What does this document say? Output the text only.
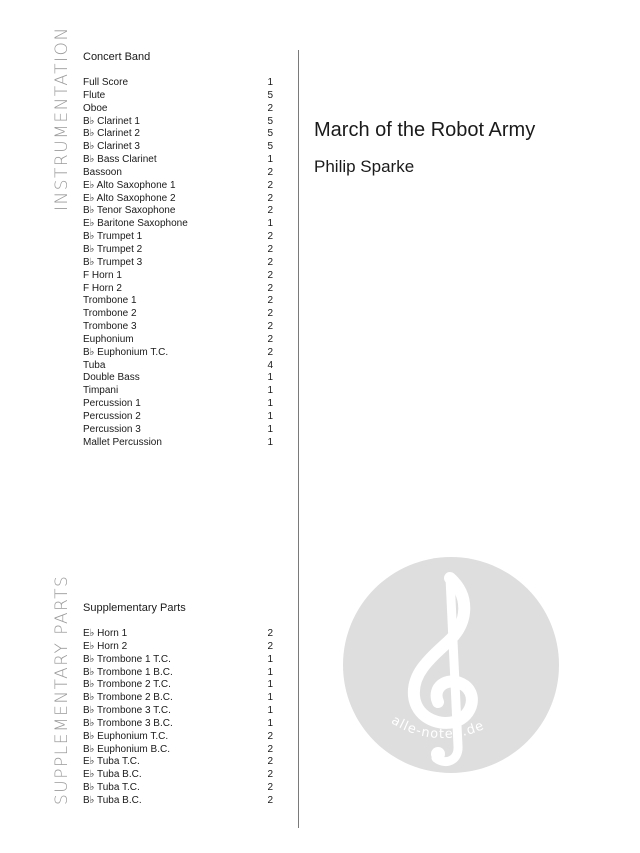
INSTRUMENTATION
SUPPLEMENTARY PARTS
Concert Band
Full Score	1
Flute	5
Oboe	2
B♭ Clarinet 1	5
B♭ Clarinet 2	5
B♭ Clarinet 3	5
B♭ Bass Clarinet	1
Bassoon	2
E♭ Alto Saxophone 1	2
E♭ Alto Saxophone 2	2
B♭ Tenor Saxophone	2
E♭ Baritone Saxophone	1
B♭ Trumpet 1	2
B♭ Trumpet 2	2
B♭ Trumpet 3	2
F Horn 1	2
F Horn 2	2
Trombone 1	2
Trombone 2	2
Trombone 3	2
Euphonium	2
B♭ Euphonium T.C.	2
Tuba	4
Double Bass	1
Timpani	1
Percussion 1	1
Percussion 2	1
Percussion 3	1
Mallet Percussion	1
Supplementary Parts
E♭ Horn 1	2
E♭ Horn 2	2
B♭ Trombone 1 T.C.	1
B♭ Trombone 1 B.C.	1
B♭ Trombone 2 T.C.	1
B♭ Trombone 2 B.C.	1
B♭ Trombone 3 T.C.	1
B♭ Trombone 3 B.C.	1
B♭ Euphonium T.C.	2
B♭ Euphonium B.C.	2
E♭ Tuba T.C.	2
E♭ Tuba B.C.	2
B♭ Tuba T.C.	2
B♭ Tuba B.C.	2
March of the Robot Army

Philip Sparke

alle-noten.de
